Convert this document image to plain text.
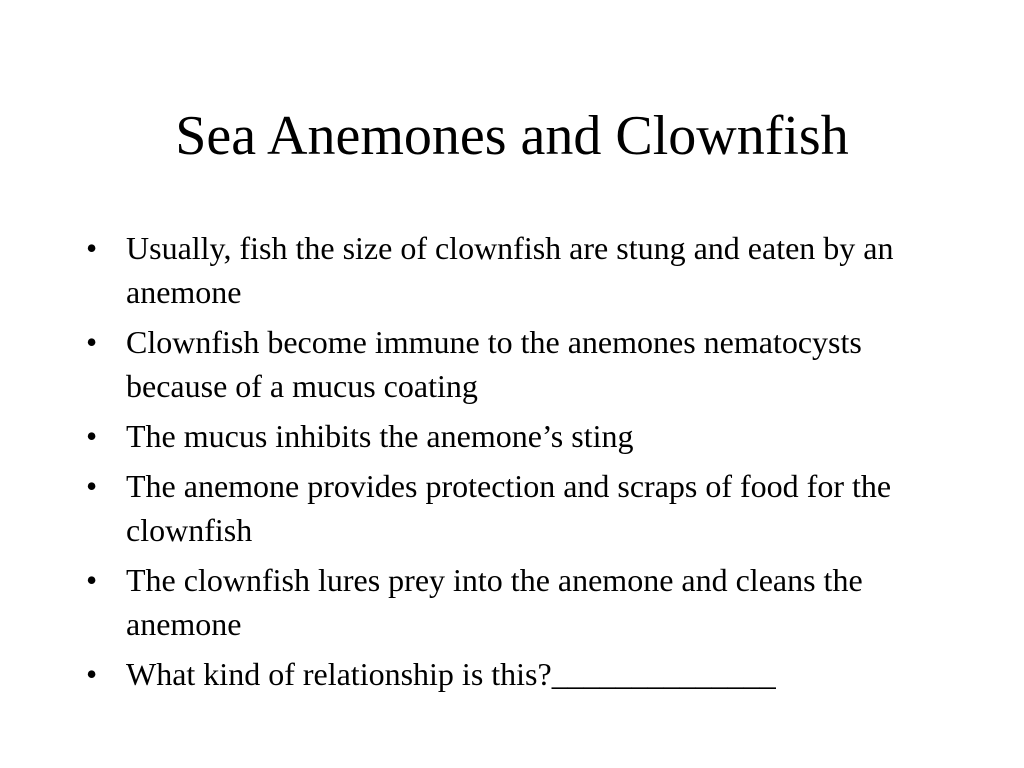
Sea Anemones and Clownfish
• Usually, fish the size of clownfish are stung and eaten by an anemone
• Clownfish become immune to the anemones nematocysts because of a mucus coating
• The mucus inhibits the anemone’s sting
• The anemone provides protection and scraps of food for the clownfish
• The clownfish lures prey into the anemone and cleans the anemone
• What kind of relationship is this?______________
